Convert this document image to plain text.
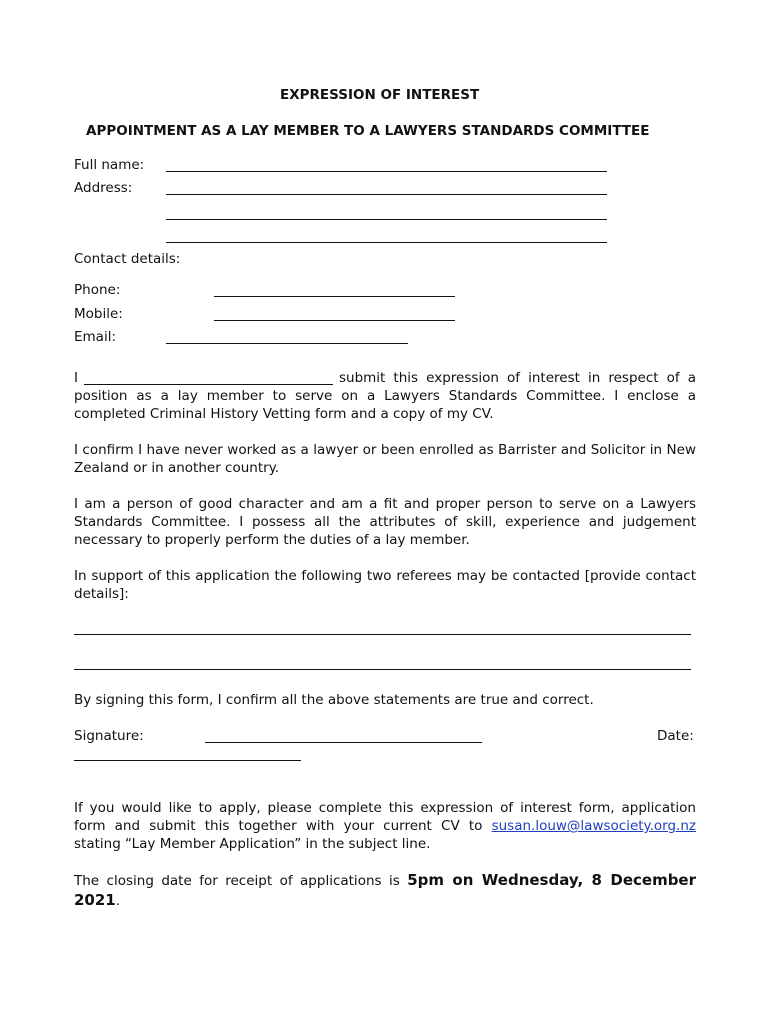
EXPRESSION OF INTEREST
APPOINTMENT AS A LAY MEMBER TO A LAWYERS STANDARDS COMMITTEE
Full name:
Address:
Contact details:
Phone:
Mobile:
Email:
I	submit this expression of interest in respect of a
position as a lay member to serve on a Lawyers Standards Committee. I enclose a
completed Criminal History Vetting form and a copy of my CV.
I confirm I have never worked as a lawyer or been enrolled as Barrister and Solicitor in New Zealand or in another country.
I am a person of good character and am a fit and proper person to serve on a Lawyers Standards Committee. I possess all the attributes of skill, experience and judgement necessary to properly perform the duties of a lay member.
In support of this application the following two referees may be contacted [provide contact details]:
By signing this form, I confirm all the above statements are true and correct.
Signature:	Date:
If you would like to apply, please complete this expression of interest form, application form and submit this together with your current CV to susan.louw@lawsociety.org.nz stating “Lay Member Application” in the subject line.
The closing date for receipt of applications is 5pm on Wednesday, 8 December 2021.
